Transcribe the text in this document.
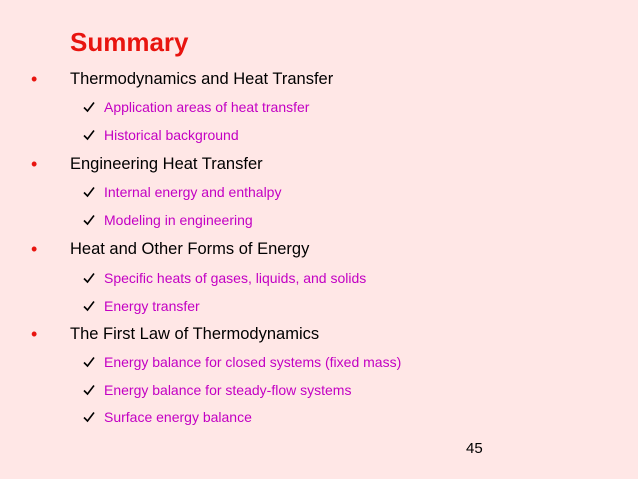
Summary
• Thermodynamics and Heat Transfer
Application areas of heat transfer
Historical background
• Engineering Heat Transfer
Internal energy and enthalpy
Modeling in engineering
• Heat and Other Forms of Energy
Specific heats of gases, liquids, and solids
Energy transfer
• The First Law of Thermodynamics
Energy balance for closed systems (fixed mass)
Energy balance for steady-flow systems
Surface energy balance
45
